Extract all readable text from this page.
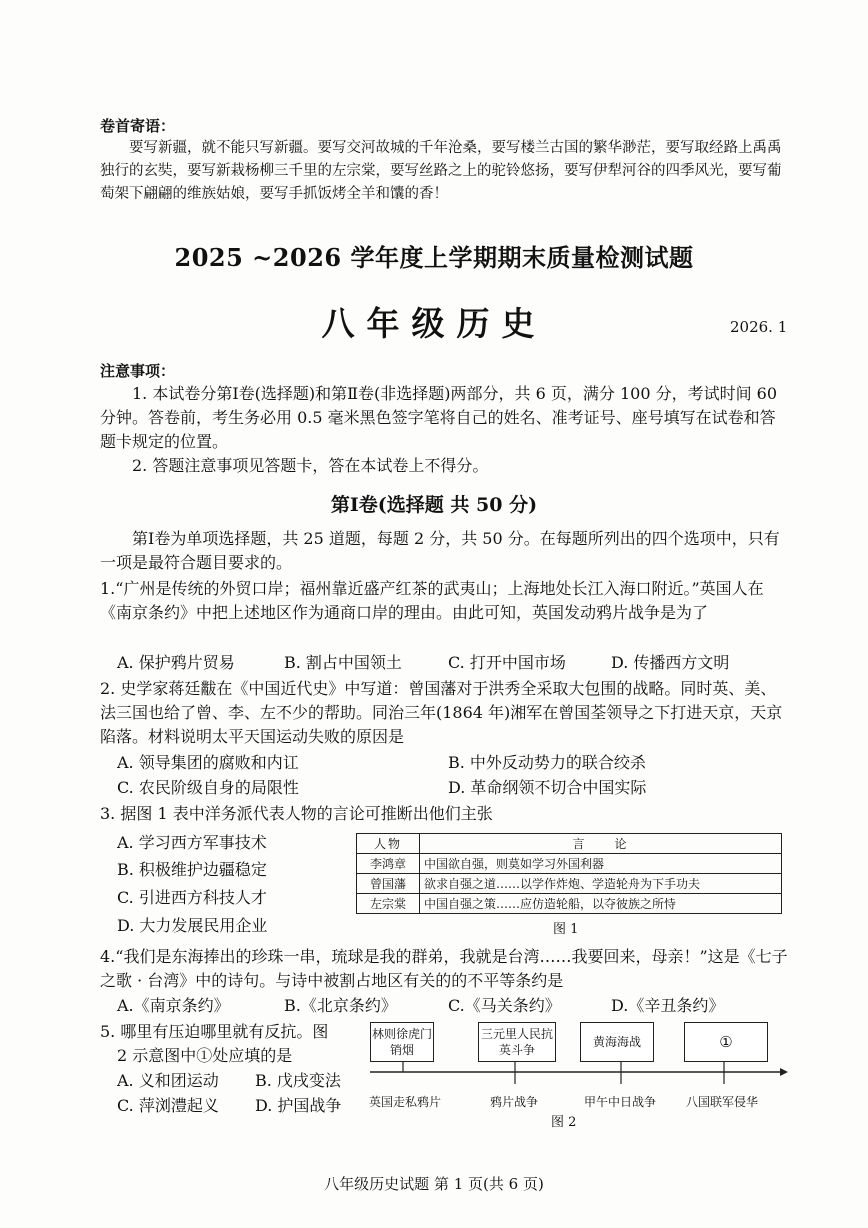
卷首寄语：
要写新疆，就不能只写新疆。要写交河故城的千年沧桑，要写楼兰古国的繁华渺茫，要写取经路上禹禹独行的玄奘，要写新栽杨柳三千里的左宗棠，要写丝路之上的驼铃悠扬，要写伊犁河谷的四季风光，要写葡萄架下翩翩的维族姑娘，要写手抓饭烤全羊和馕的香！
2025 ~2026 学年度上学期期末质量检测试题
八年级历史	2026. 1
注意事项：
1. 本试卷分第Ⅰ卷(选择题)和第Ⅱ卷(非选择题)两部分，共 6 页，满分 100 分，考试时间 60 分钟。答卷前，考生务必用 0.5 毫米黑色签字笔将自己的姓名、准考证号、座号填写在试卷和答题卡规定的位置。
2. 答题注意事项见答题卡，答在本试卷上不得分。
第Ⅰ卷(选择题 共 50 分)
第Ⅰ卷为单项选择题，共 25 道题，每题 2 分，共 50 分。在每题所列出的四个选项中，只有一项是最符合题目要求的。
1.“广州是传统的外贸口岸；福州靠近盛产红茶的武夷山；上海地处长江入海口附近。”英国人在《南京条约》中把上述地区作为通商口岸的理由。由此可知，英国发动鸦片战争是为了
A. 保护鸦片贸易	B. 割占中国领土	C. 打开中国市场	D. 传播西方文明
2. 史学家蒋廷黻在《中国近代史》中写道：曾国藩对于洪秀全采取大包围的战略。同时英、美、法三国也给了曾、李、左不少的帮助。同治三年(1864 年)湘军在曾国荃领导之下打进天京，天京陷落。材料说明太平天国运动失败的原因是
A. 领导集团的腐败和内讧	B. 中外反动势力的联合绞杀
C. 农民阶级自身的局限性	D. 革命纲领不切合中国实际
3. 据图 1 表中洋务派代表人物的言论可推断出他们主张
A. 学习西方军事技术
B. 积极维护边疆稳定
C. 引进西方科技人才
D. 大力发展民用企业
人物	言　　论
李鸿章	中国欲自强，则莫如学习外国利器
曾国藩	欲求自强之道……以学作炸炮、学造轮舟为下手功夫
左宗棠	中国自强之策……应仿造轮船，以夺彼族之所恃
图 1
4.“我们是东海捧出的珍珠一串，琉球是我的群弟，我就是台湾……我要回来，母亲！”这是《七子之歌 · 台湾》中的诗句。与诗中被割占地区有关的的不平等条约是
A.《南京条约》	B.《北京条约》	C.《马关条约》	D.《辛丑条约》
5. 哪里有压迫哪里就有反抗。图
2 示意图中①处应填的是
A. 义和团运动 B. 戊戌变法
C. 萍浏澧起义 D. 护国战争
林则徐虎门销烟
三元里人民抗英斗争
黄海海战	①
英国走私鸦片	鸦片战争	甲午中日战争 八国联军侵华
图 2
八年级历史试题 第 1 页(共 6 页)
